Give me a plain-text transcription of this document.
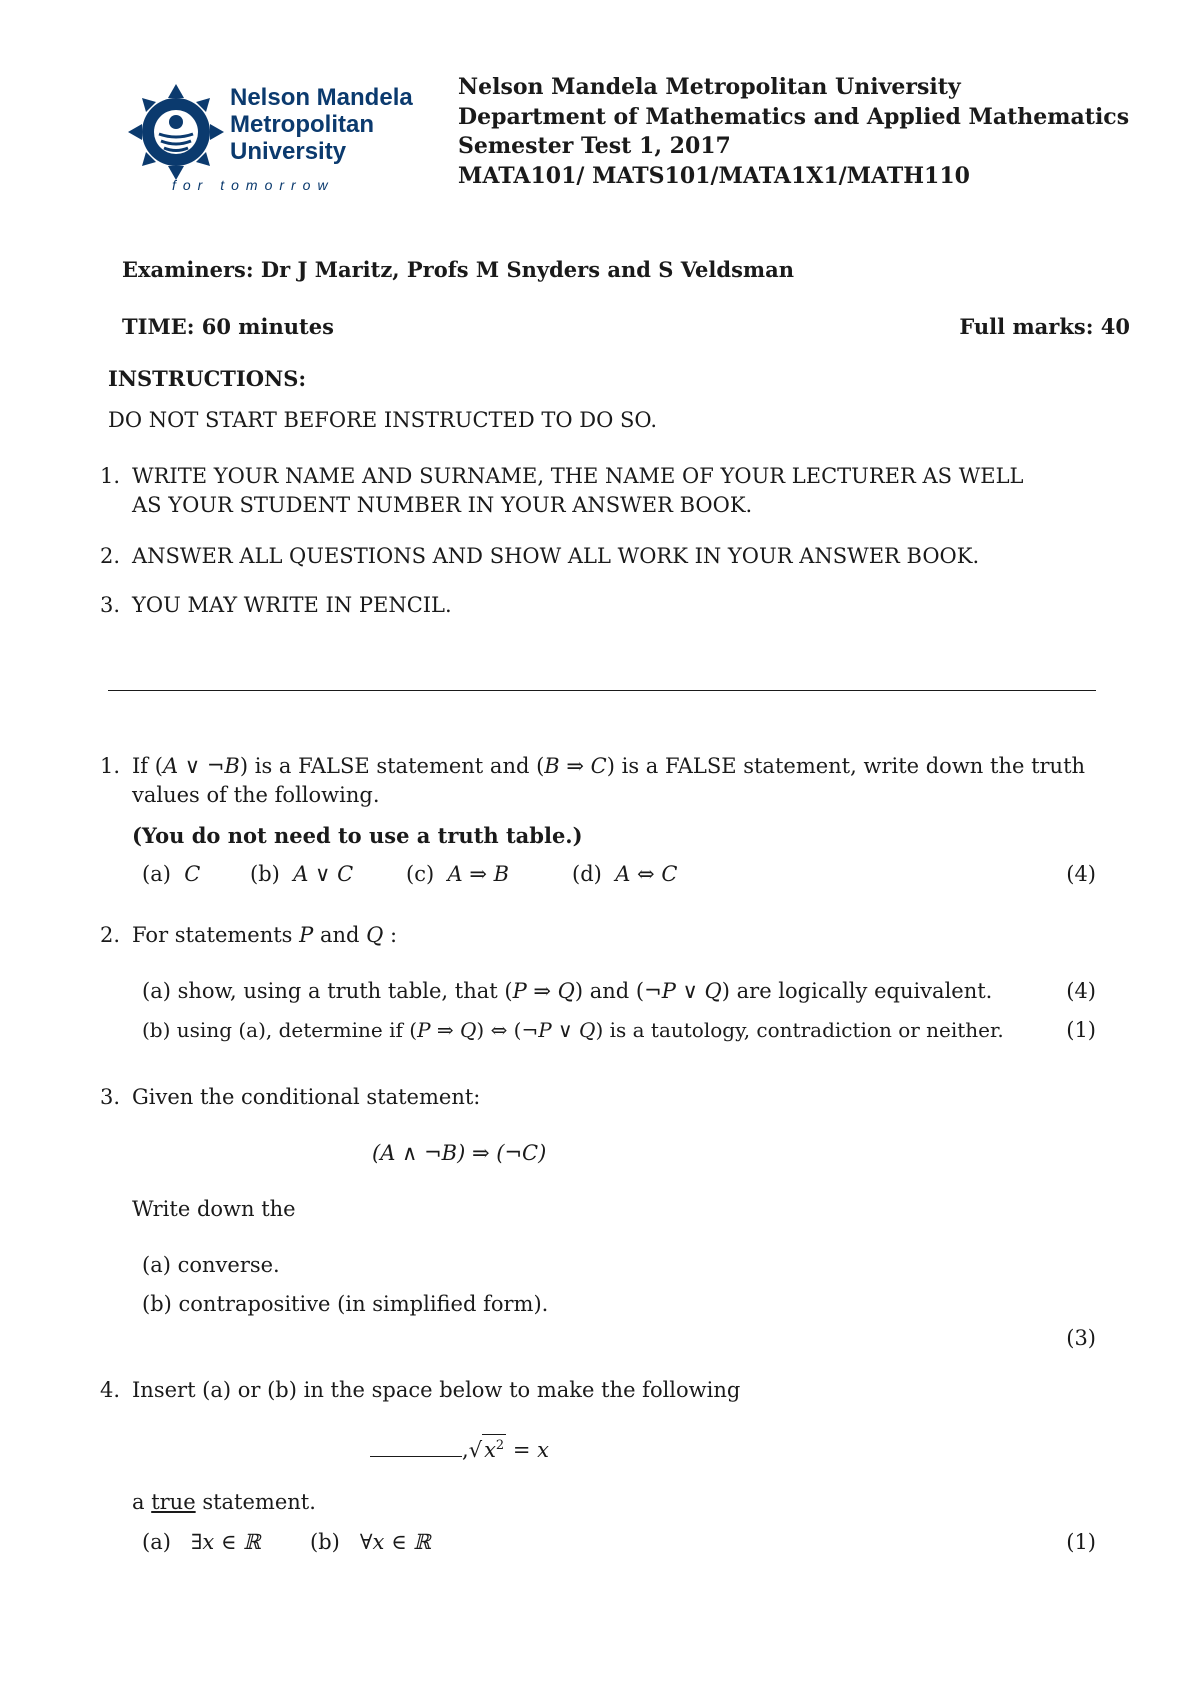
Nelson Mandela
Metropolitan
University
for tomorrow
Nelson Mandela Metropolitan University
Department of Mathematics and Applied Mathematics
Semester Test 1, 2017
MATA101/ MATS101/MATA1X1/MATH110
Examiners: Dr J Maritz, Profs M Snyders and S Veldsman
TIME: 60 minutes	Full marks: 40
INSTRUCTIONS:
DO NOT START BEFORE INSTRUCTED TO DO SO.
1. WRITE YOUR NAME AND SURNAME, THE NAME OF YOUR LECTURER AS WELL
AS YOUR STUDENT NUMBER IN YOUR ANSWER BOOK.
2. ANSWER ALL QUESTIONS AND SHOW ALL WORK IN YOUR ANSWER BOOK.
3. YOU MAY WRITE IN PENCIL.
1. If (A ∨ ¬B) is a FALSE statement and (B ⇒ C) is a FALSE statement, write down the truth
values of the following.
(You do not need to use a truth table.)
(a) C (b) A ∨ C	(c) A ⇒ B	(d) A ⇔ C	(4)
2. For statements P and Q :
(a) show, using a truth table, that (P ⇒ Q) and (¬P ∨ Q) are logically equivalent.	(4)
(b) using (a), determine if (P ⇒ Q) ⇔ (¬P ∨ Q) is a tautology, contradiction or neither.	(1)
3. Given the conditional statement:
(A ∧ ¬B) ⇒ (¬C)
Write down the
(a) converse.
(b) contrapositive (in simplified form).
(3)
4. Insert (a) or (b) in the space below to make the following
$,√x^2 = x$
a true statement.
(a) ∃x ∈ ℝ (b) ∀x ∈ ℝ	(1)
